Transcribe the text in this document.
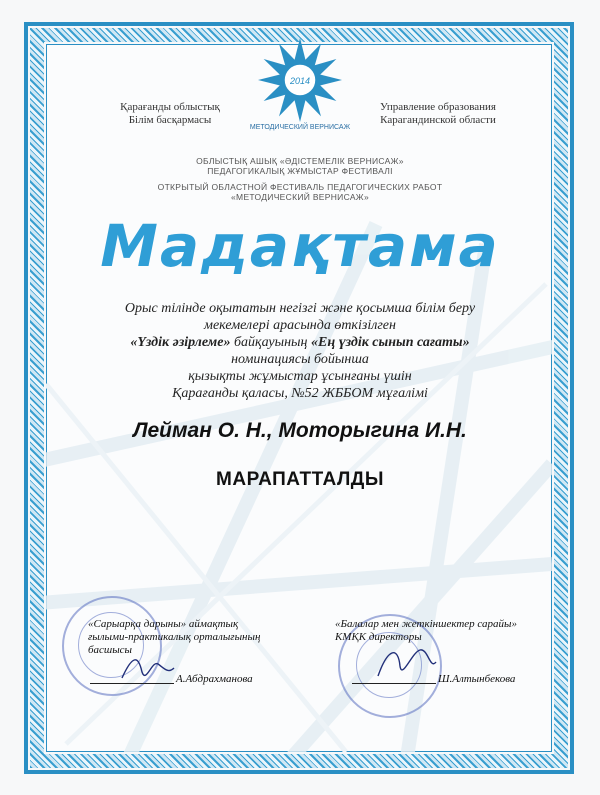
2014
МЕТОДИЧЕСКИЙ ВЕРНИСАЖ
Қарағанды облыстық
Білім басқармасы
Управление образования
Карагандинской области
ОБЛЫСТЫҚ АШЫҚ «ӘДІСТЕМЕЛІК ВЕРНИСАЖ»
ПЕДАГОГИКАЛЫҚ ЖҰМЫСТАР ФЕСТИВАЛІ
ОТКРЫТЫЙ ОБЛАСТНОЙ ФЕСТИВАЛЬ ПЕДАГОГИЧЕСКИХ РАБОТ
«МЕТОДИЧЕСКИЙ ВЕРНИСАЖ»
Мадақтама
Орыс тілінде оқытатын негізгі және қосымша білім беру
мекемелері арасында өткізілген
«Үздік әзірлеме» байқауының «Ең үздік сынып сағаты»
номинациясы бойынша
қызықты жұмыстар ұсынғаны үшін
Қарағанды қаласы, №52 ЖББОМ мұғалімі
Лейман О. Н., Моторыгина И.Н.
МАРАПАТТАЛДЫ
«Сарыарқа дарыны» аймақтық
ғылыми-практикалық орталығының
басшысы
А.Абдрахманова
«Балалар мен жеткіншектер сарайы»
КМҚК директоры
Ш.Алтынбекова
